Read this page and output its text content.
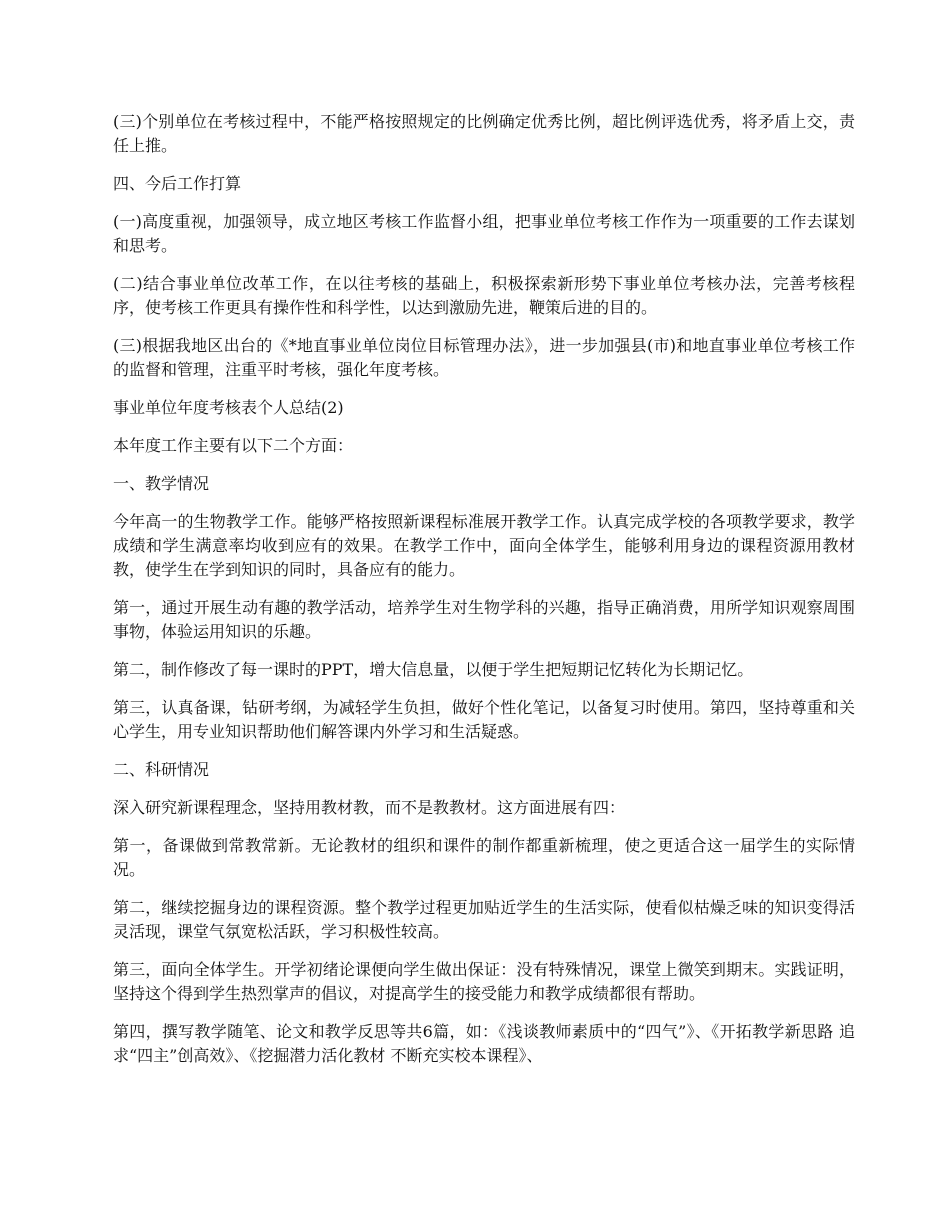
(三)个别单位在考核过程中，不能严格按照规定的比例确定优秀比例，超比例评选优秀，将矛盾上交，责任上推。

四、今后工作打算

(一)高度重视，加强领导，成立地区考核工作监督小组，把事业单位考核工作作为一项重要的工作去谋划和思考。

(二)结合事业单位改革工作，在以往考核的基础上，积极探索新形势下事业单位考核办法，完善考核程序，使考核工作更具有操作性和科学性，以达到激励先进，鞭策后进的目的。

(三)根据我地区出台的《*地直事业单位岗位目标管理办法》，进一步加强县(市)和地直事业单位考核工作的监督和管理，注重平时考核，强化年度考核。

事业单位年度考核表个人总结(2)

本年度工作主要有以下二个方面：

一、教学情况

今年高一的生物教学工作。能够严格按照新课程标准展开教学工作。认真完成学校的各项教学要求，教学成绩和学生满意率均收到应有的效果。在教学工作中，面向全体学生，能够利用身边的课程资源用教材教，使学生在学到知识的同时，具备应有的能力。

第一，通过开展生动有趣的教学活动，培养学生对生物学科的兴趣，指导正确消费，用所学知识观察周围事物，体验运用知识的乐趣。

第二，制作修改了每一课时的PPT，增大信息量，以便于学生把短期记忆转化为长期记忆。

第三，认真备课，钻研考纲，为减轻学生负担，做好个性化笔记，以备复习时使用。第四，坚持尊重和关心学生，用专业知识帮助他们解答课内外学习和生活疑惑。

二、科研情况

深入研究新课程理念，坚持用教材教，而不是教教材。这方面进展有四：

第一，备课做到常教常新。无论教材的组织和课件的制作都重新梳理，使之更适合这一届学生的实际情况。

第二，继续挖掘身边的课程资源。整个教学过程更加贴近学生的生活实际，使看似枯燥乏味的知识变得活灵活现，课堂气氛宽松活跃，学习积极性较高。

第三，面向全体学生。开学初绪论课便向学生做出保证：没有特殊情况，课堂上微笑到期末。实践证明，坚持这个得到学生热烈掌声的倡议，对提高学生的接受能力和教学成绩都很有帮助。

第四，撰写教学随笔、论文和教学反思等共6篇，如：《浅谈教师素质中的“四气”》、《开拓教学新思路 追求“四主”创高效》、《挖掘潜力活化教材 不断充实校本课程》、
